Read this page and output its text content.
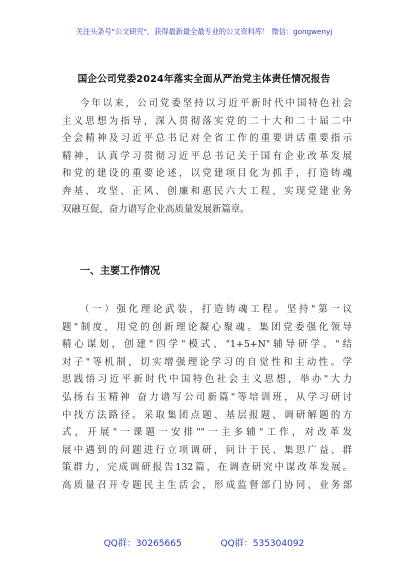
关注头条号"公文研究"，获得最新最全最专业的公文资料库！ 微信：gongwenyj
国企公司党委2024年落实全面从严治党主体责任情况报告
今年以来，公司党委坚持以习近平新时代中国特色社会
主义思想为指导，深入贯彻落实党的二十大和二十届二中
全会精神及习近平总书记对全省工作的重要讲话重要指示
精神，认真学习贯彻习近平总书记关于国有企业改革发展
和党的建设的重要论述，以党建项目化为抓手，打造铸魂
奔基、攻坚、正风、创廉和惠民六大工程，实现党建业务
双融互促，奋力谱写企业高质量发展新篇章。
一、主要工作情况
（一）强化理论武装，打造铸魂工程。坚持"第一议
题"制度，用党的创新理论凝心聚魂。集团党委强化领导
精心谋划，创建"四学"模式、"1+5+N"辅导研学、"结
对子"等机制，切实增强理论学习的自觉性和主动性。学
思践悟习近平新时代中国特色社会主义思想，举办"大力
弘扬右玉精神 奋力谱写公司新篇"等培训班，从学习研讨
中找方法路径。采取集团点题、基层报题、调研解题的方
式，开展"一课题一安排""一主多辅"工作，对改革发
展中遇到的问题进行立项调研，问计于民、集思广益、群
策群力，完成调研报告132篇，在调查研究中谋改革发展。
高质量召开专题民主生活会，形成监督部门协同、业务部
QQ群：30265665	QQ群：535304092
